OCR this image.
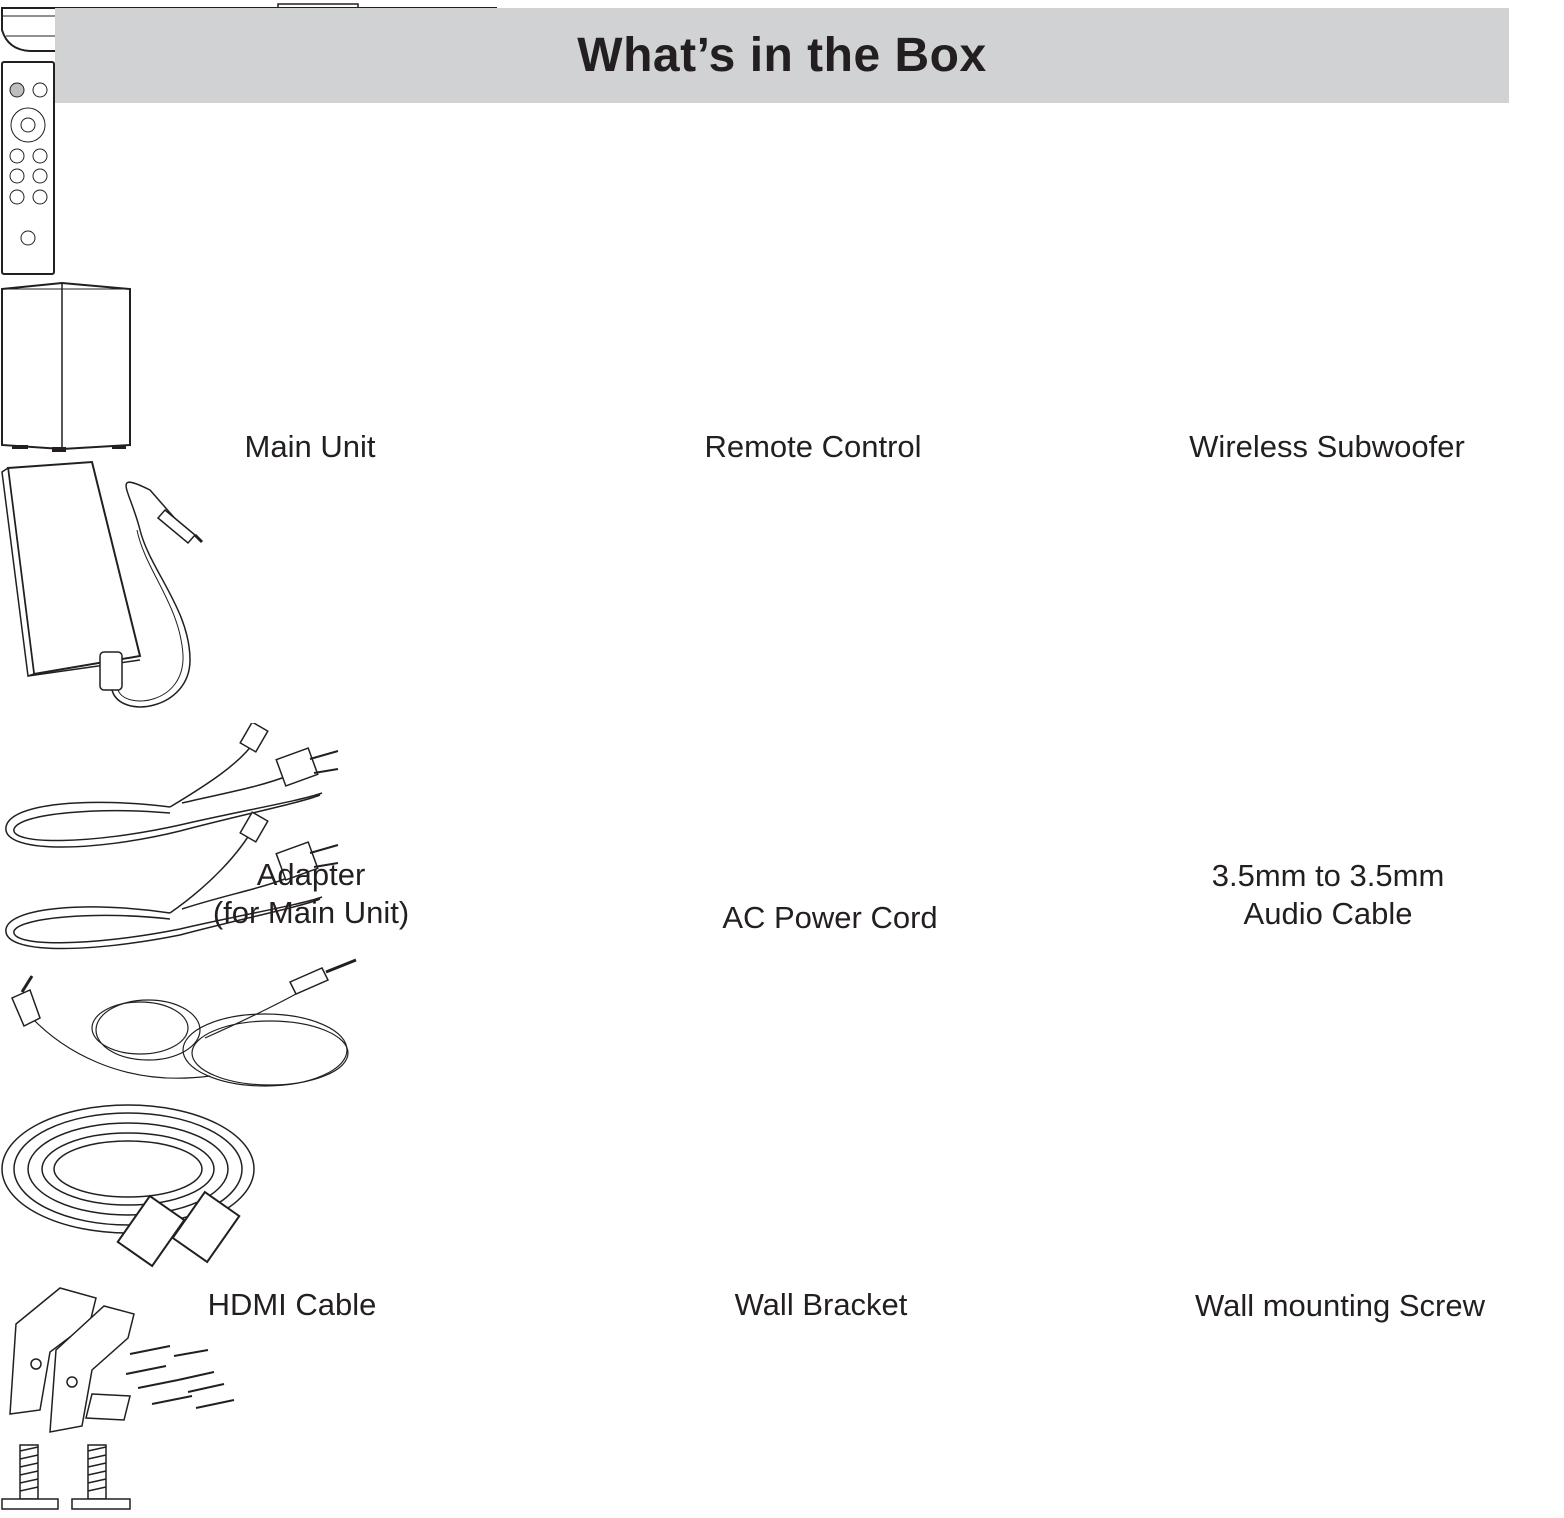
What’s in the Box
Main Unit	Remote Control	Wireless Subwoofer
Adapter
(for Main Unit)	AC Power Cord
3.5mm to 3.5mm
Audio Cable
HDMI Cable	Wall Bracket	Wall mounting Screw
